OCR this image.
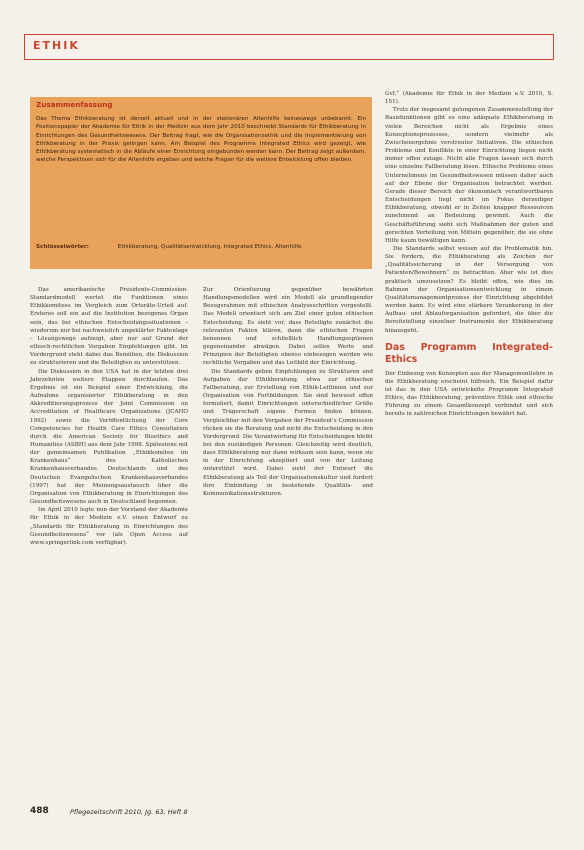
ETHIK
Zusammenfassung
Das Thema Ethikberatung ist derzeit aktuell und in der stationären Altenhilfe keineswegs unbekannt. Ein Positionspapier der Akademie für Ethik in der Medizin aus dem Jahr 2010 beschreibt Standards für Ethikberatung in Einrichtungen des Gesundheitswesens. Der Beitrag fragt, wie die Organisationsethik und die Implementierung von Ethikberatung in der Praxis gelingen kann. Am Beispiel des Programms Integrated Ethics wird gezeigt, wie Ethikberatung systematisch in die Abläufe einer Einrichtung eingebunden werden kann. Der Beitrag zeigt außerdem, welche Perspektiven sich für die Altenhilfe ergeben und welche Fragen für die weitere Entwicklung offen bleiben.
Schlüsselwörter:	Ethikberatung, Qualitätsentwicklung, Integrated Ethics, Altenhilfe

Das amerikanische Presidents-Commission-Standardmodell wertet die Funktionen eines Ethikkomitees im Vergleich zum Ortsräte-Urteil auf. Ersteres soll ein auf die Institution bezogenes Organ sein, das bei ethischen Entscheidungssituationen – wiederum nur bei nachweislich ungeklärter Faktenlage – Lösungswege aufzeigt, aber nur auf Grund der ethisch-rechtlichen Vorgaben Empfehlungen gibt. Im Vordergrund steht dabei das Bemühen, die Diskussion zu strukturieren und die Beteiligten zu unterstützen.

Die Diskussion in den USA hat in der letzten drei Jahrzehnten weitere Etappen durchlaufen. Das Ergebnis ist ein Beispiel einer Entwicklung, die Aufnahme organisierter Ethikberatung in den Akkreditierungsprozess der Joint Commission on Accreditation of Healthcare Organizations (JCAHO 1992) sowie die Veröffentlichung der Core Competencies for Health Care Ethics Consultation durch die American Society for Bioethics and Humanities (ASBH) aus dem Jahr 1998. Spätestens mit der gemeinsamen Publikation „Ethikkomitee im Krankenhaus“ des Katholischen Krankenhausverbandes Deutschlands und des Deutschen Evangelischen Krankenhausverbandes (1997) hat der Meinungsaustausch über die Organisation von Ethikberatung in Einrichtungen des Gesundheitswesens auch in Deutschland begonnen.

Im April 2010 legte nun der Vorstand der Akademie für Ethik in der Medizin e.V. einen Entwurf zu „Standards für Ethikberatung in Einrichtungen des Gesundheitswesens“ vor (als Open Access auf www.springerlink.com verfügbar).

Zur Orientierung gegenüber bewährten Handlungsmodellen wird ein Modell als grundlegender Bezugsrahmen mit ethischen Analyseschritten vorgestellt. Das Modell orientiert sich am Ziel einer guten ethischen Entscheidung. Es sieht vor, dass Beteiligte zunächst die relevanten Fakten klären, dann die ethischen Fragen benennen und schließlich Handlungsoptionen gegeneinander abwägen. Dabei sollen Werte und Prinzipien der Beteiligten ebenso einbezogen werden wie rechtliche Vorgaben und das Leitbild der Einrichtung.

Die Standards geben Empfehlungen zu Strukturen und Aufgaben der Ethikberatung, etwa zur ethischen Fallberatung, zur Erstellung von Ethik-Leitlinien und zur Organisation von Fortbildungen. Sie sind bewusst offen formuliert, damit Einrichtungen unterschiedlicher Größe und Trägerschaft eigene Formen finden können. Vergleichbar mit den Vorgaben der President's Commission rücken sie die Beratung und nicht die Entscheidung in den Vordergrund. Die Verantwortung für Entscheidungen bleibt bei den zuständigen Personen. Gleichzeitig wird deutlich, dass Ethikberatung nur dann wirksam sein kann, wenn sie in der Einrichtung akzeptiert und von der Leitung unterstützt wird. Dabei sieht der Entwurf die Ethikberatung als Teil der Organisationskultur und fordert ihre Einbindung in bestehende Qualitäts- und Kommunikationsstrukturen.

Gvf.“ (Akademie für Ethik in der Medizin e.V. 2010, S. 151).

Trotz der insgesamt gelungenen Zusammenstellung der Basisfunktionen gibt es eine adäquate Ethikberatung in vielen Bereichen nicht als Ergebnis eines Konzeptionsprozesses, sondern vielmehr als Zwischenergebnis verstreuter Initiativen. Die ethischen Probleme und Konflikte in einer Einrichtung liegen nicht immer offen zutage. Nicht alle Fragen lassen sich durch eine einzelne Fallberatung lösen. Ethische Probleme eines Unternehmens im Gesundheitswesen müssen daher auch auf der Ebene der Organisation betrachtet werden. Gerade dieser Bereich der ökonomisch verantwortbaren Entscheidungen liegt nicht im Fokus derzeitiger Ethikberatung, obwohl er in Zeiten knapper Ressourcen zunehmend an Bedeutung gewinnt. Auch die Geschäftsführung sieht sich Maßnahmen der guten und gerechten Verteilung von Mitteln gegenüber, die sie ohne Hilfe kaum bewältigen kann.

Die Standards selbst weisen auf die Problematik hin. Sie fordern, die Ethikberatung als Zeichen der „Qualitätssicherung in der Versorgung von Patienten/Bewohnern“ zu betrachten. Aber wie ist dies praktisch umzusetzen? Es bleibt offen, wie dies im Rahmen der Organisationsentwicklung in einem Qualitätsmanagementprozess der Einrichtung abgebildet werden kann. Es wird eine stärkere Verankerung in der Aufbau- und Ablauforganisation gefordert, die über die Bereitstellung einzelner Instrumente der Ethikberatung hinausgeht.

Das Programm Integrated-Ethics

Der Einbezug von Konzepten aus der Managementlehre in die Ethikberatung erscheint hilfreich. Ein Beispiel dafür ist das in den USA entwickelte Programm Integrated Ethics, das Ethikberatung, präventive Ethik und ethische Führung zu einem Gesamtkonzept verbindet und sich bereits in zahlreichen Einrichtungen bewährt hat.

488	Pflegezeitschrift 2010, Jg. 63, Heft 8
